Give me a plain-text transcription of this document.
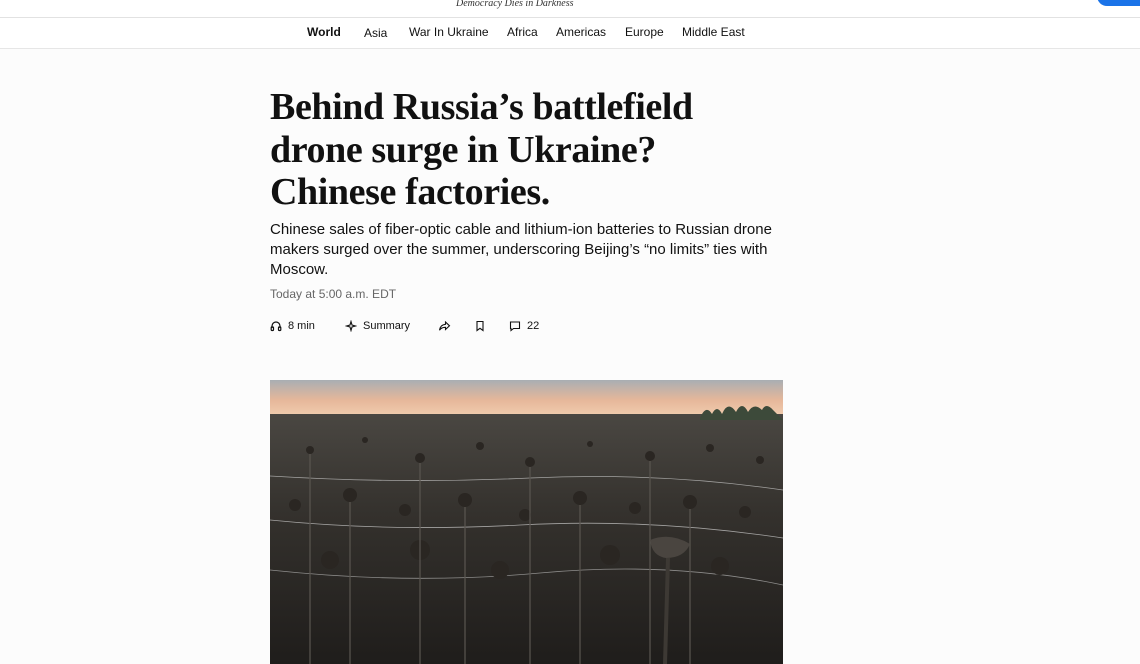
Democracy Dies in Darkness
World Asia War In Ukraine Africa Americas Europe Middle East
Behind Russia’s battlefield drone surge in Ukraine? Chinese factories.

Chinese sales of fiber-optic cable and lithium-ion batteries to Russian drone makers surged over the summer, underscoring Beijing’s “no limits” ties with Moscow.

Today at 5:00 a.m. EDT
8 min	Summary	22
